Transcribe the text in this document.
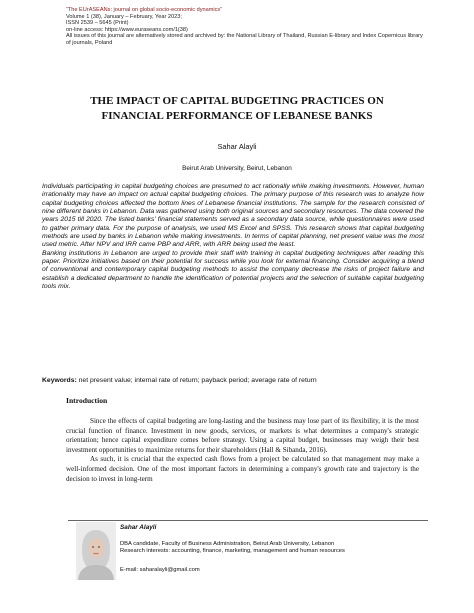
“The EUrASEANs: journal on global socio-economic dynamics”
Volume 1 (38), January – February, Year 2023;
ISSN 2539 – 5645 (Print)
on-line access: https://www.euraseans.com/1(38)
All issues of this journal are alternatively stored and archived by: the National Library of Thailand, Russian E-library and Index Copernicus library of journals, Poland
THE IMPACT OF CAPITAL BUDGETING PRACTICES ON
FINANCIAL PERFORMANCE OF LEBANESE BANKS
Sahar Alayli
Beirut Arab University, Beirut, Lebanon

Individuals participating in capital budgeting choices are presumed to act rationally while making investments. However, human irrationality may have an impact on actual capital budgeting choices. The primary purpose of this research was to analyze how capital budgeting choices affected the bottom lines of Lebanese financial institutions. The sample for the research consisted of nine different banks in Lebanon. Data was gathered using both original sources and secondary resources. The data covered the years 2015 till 2020. The listed banks' financial statements served as a secondary data source, while questionnaires were used to gather primary data. For the purpose of analysis, we used MS Excel and SPSS. This research shows that capital budgeting methods are used by banks in Lebanon while making investments. In terms of capital planning, net present value was the most used metric. After NPV and IRR came PBP and ARR, with ARR being used the least.

Banking institutions in Lebanon are urged to provide their staff with training in capital budgeting techniques after reading this paper. Prioritize initiatives based on their potential for success while you look for external financing. Consider acquiring a blend of conventional and contemporary capital budgeting methods to assist the company decrease the risks of project failure and establish a dedicated department to handle the identification of potential projects and the selection of suitable capital budgeting tools mix.

Keywords: net present value; internal rate of return; payback period; average rate of return
Introduction

Since the effects of capital budgeting are long-lasting and the business may lose part of its flexibility, it is the most crucial function of finance. Investment in new goods, services, or markets is what determines a company's strategic orientation; hence capital expenditure comes before strategy. Using a capital budget, businesses may weigh their best investment opportunities to maximize returns for their shareholders (Hall & Sibanda, 2016).

As such, it is crucial that the expected cash flows from a project be calculated so that management may make a well-informed decision. One of the most important factors in determining a company's growth rate and trajectory is the decision to invest in long-term

Sahar Alayli
DBA candidate, Faculty of Business Administration, Beirut Arab University, Lebanon
Research interests: accounting, finance, marketing, management and human resources
E-mail: saharalayli@gmail.com
